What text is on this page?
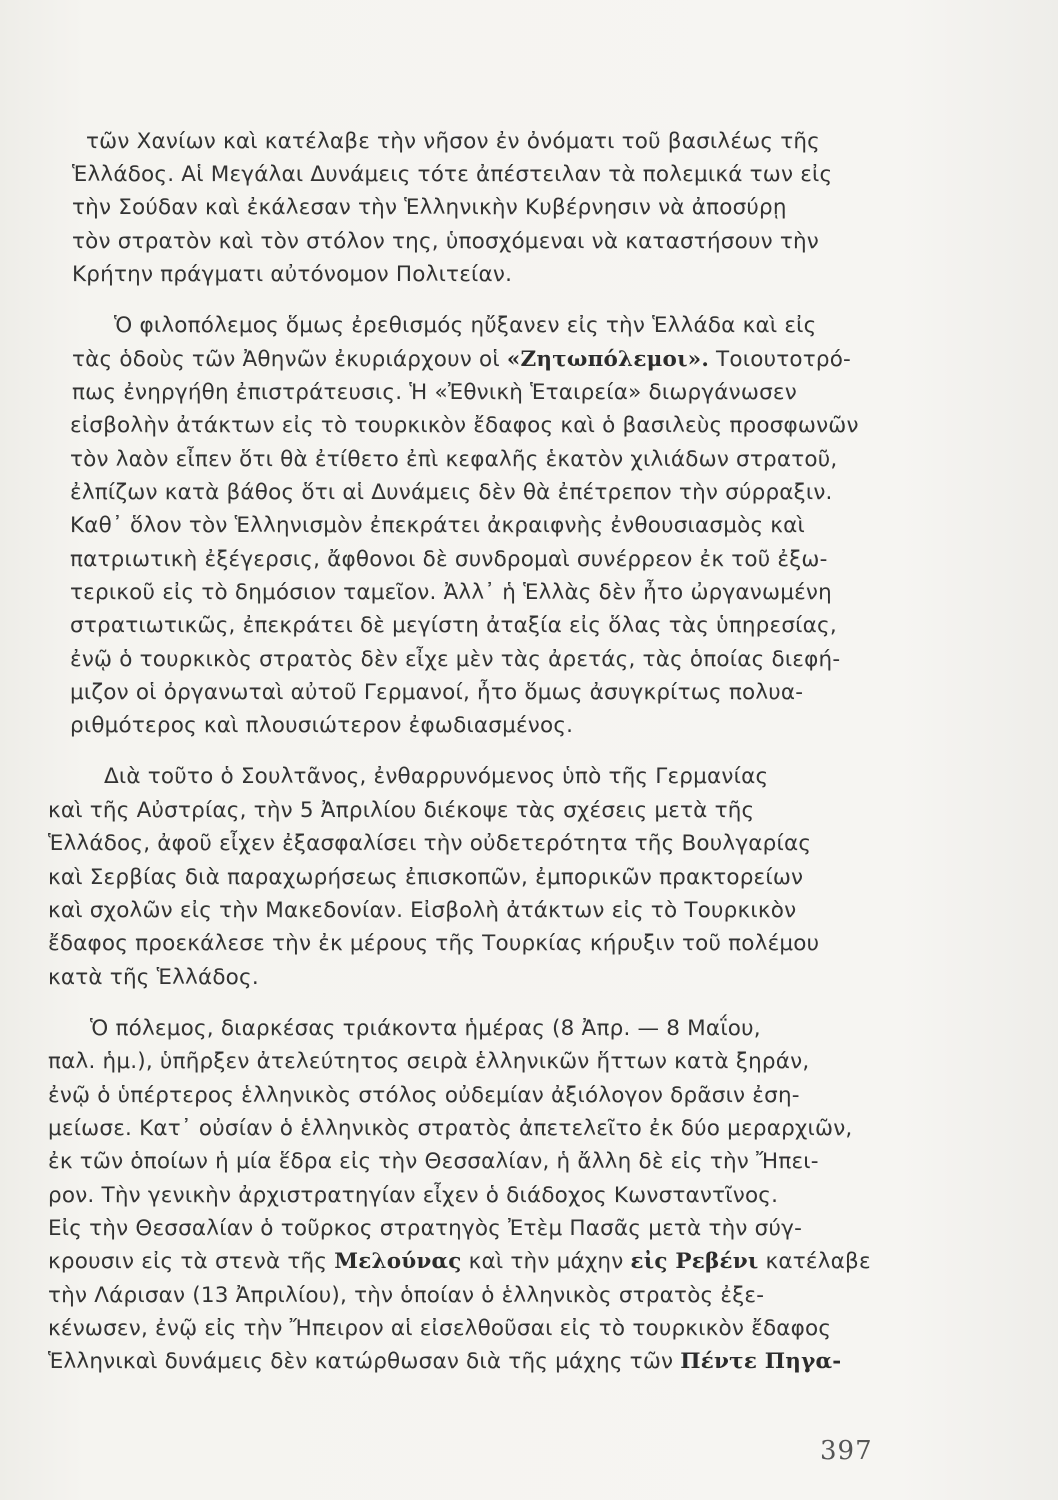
τῶν Χανίων καὶ κατέλαβε τὴν νῆσον ἐν ὀνόματι τοῦ βασιλέως τῆς
Ἑλλάδος. Αἱ Μεγάλαι Δυνάμεις τότε ἀπέστειλαν τὰ πολεμικά των εἰς
τὴν Σούδαν καὶ ἐκάλεσαν τὴν Ἑλληνικὴν Κυβέρνησιν νὰ ἀποσύρῃ
τὸν στρατὸν καὶ τὸν στόλον της, ὑποσχόμεναι νὰ καταστήσουν τὴν
Κρήτην πράγματι αὐτόνομον Πολιτείαν.
Ὁ φιλοπόλεμος ὅμως ἐρεθισμός ηὔξανεν εἰς τὴν Ἑλλάδα καὶ εἰς
τὰς ὁδοὺς τῶν Ἀθηνῶν ἐκυριάρχουν οἱ «Ζητωπόλεμοι». Τοιουτοτρό-
πως ἐνηργήθη ἐπιστράτευσις. Ἡ «Ἐθνικὴ Ἑταιρεία» διωργάνωσεν
εἰσβολὴν ἀτάκτων εἰς τὸ τουρκικὸν ἔδαφος καὶ ὁ βασιλεὺς προσφωνῶν
τὸν λαὸν εἶπεν ὅτι θὰ ἐτίθετο ἐπὶ κεφαλῆς ἑκατὸν χιλιάδων στρατοῦ,
ἐλπίζων κατὰ βάθος ὅτι αἱ Δυνάμεις δὲν θὰ ἐπέτρεπον τὴν σύρραξιν.
Καθ᾽ ὅλον τὸν Ἑλληνισμὸν ἐπεκράτει ἀκραιφνὴς ἐνθουσιασμὸς καὶ
πατριωτικὴ ἐξέγερσις, ἄφθονοι δὲ συνδρομαὶ συνέρρεον ἐκ τοῦ ἐξω-
τερικοῦ εἰς τὸ δημόσιον ταμεῖον. Ἀλλ᾽ ἡ Ἑλλὰς δὲν ἦτο ὠργανωμένη
στρατιωτικῶς, ἐπεκράτει δὲ μεγίστη ἀταξία εἰς ὅλας τὰς ὑπηρεσίας,
ἐνῷ ὁ τουρκικὸς στρατὸς δὲν εἶχε μὲν τὰς ἀρετάς, τὰς ὁποίας διεφή-
μιζον οἱ ὀργανωταὶ αὐτοῦ Γερμανοί, ἦτο ὅμως ἀσυγκρίτως πολυα-
ριθμότερος καὶ πλουσιώτερον ἐφωδιασμένος.
Διὰ τοῦτο ὁ Σουλτᾶνος, ἐνθαρρυνόμενος ὑπὸ τῆς Γερμανίας
καὶ τῆς Αὐστρίας, τὴν 5 Ἀπριλίου διέκοψε τὰς σχέσεις μετὰ τῆς
Ἑλλάδος, ἀφοῦ εἶχεν ἐξασφαλίσει τὴν οὐδετερότητα τῆς Βουλγαρίας
καὶ Σερβίας διὰ παραχωρήσεως ἐπισκοπῶν, ἐμπορικῶν πρακτορείων
καὶ σχολῶν εἰς τὴν Μακεδονίαν. Εἰσβολὴ ἀτάκτων εἰς τὸ Τουρκικὸν
ἔδαφος προεκάλεσε τὴν ἐκ μέρους τῆς Τουρκίας κήρυξιν τοῦ πολέμου
κατὰ τῆς Ἑλλάδος.
Ὁ πόλεμος, διαρκέσας τριάκοντα ἡμέρας (8 Ἀπρ. — 8 Μαΐου,
παλ. ἡμ.), ὑπῆρξεν ἀτελεύτητος σειρὰ ἑλληνικῶν ἥττων κατὰ ξηράν,
ἐνῷ ὁ ὑπέρτερος ἑλληνικὸς στόλος οὐδεμίαν ἀξιόλογον δρᾶσιν ἐση-
μείωσε. Κατ᾽ οὐσίαν ὁ ἑλληνικὸς στρατὸς ἀπετελεῖτο ἐκ δύο μεραρχιῶν,
ἐκ τῶν ὁποίων ἡ μία ἕδρα εἰς τὴν Θεσσαλίαν, ἡ ἄλλη δὲ εἰς τὴν Ἤπει-
ρον. Τὴν γενικὴν ἀρχιστρατηγίαν εἶχεν ὁ διάδοχος Κωνσταντῖνος.
Εἰς τὴν Θεσσαλίαν ὁ τοῦρκος στρατηγὸς Ἐτὲμ Πασᾶς μετὰ τὴν σύγ-
κρουσιν εἰς τὰ στενὰ τῆς Μελούνας καὶ τὴν μάχην εἰς Ρεβένι κατέλαβε
τὴν Λάρισαν (13 Ἀπριλίου), τὴν ὁποίαν ὁ ἑλληνικὸς στρατὸς ἐξε-
κένωσεν, ἐνῷ εἰς τὴν Ἤπειρον αἱ εἰσελθοῦσαι εἰς τὸ τουρκικὸν ἔδαφος
Ἑλληνικαὶ δυνάμεις δὲν κατώρθωσαν διὰ τῆς μάχης τῶν Πέντε Πηγα-
397
